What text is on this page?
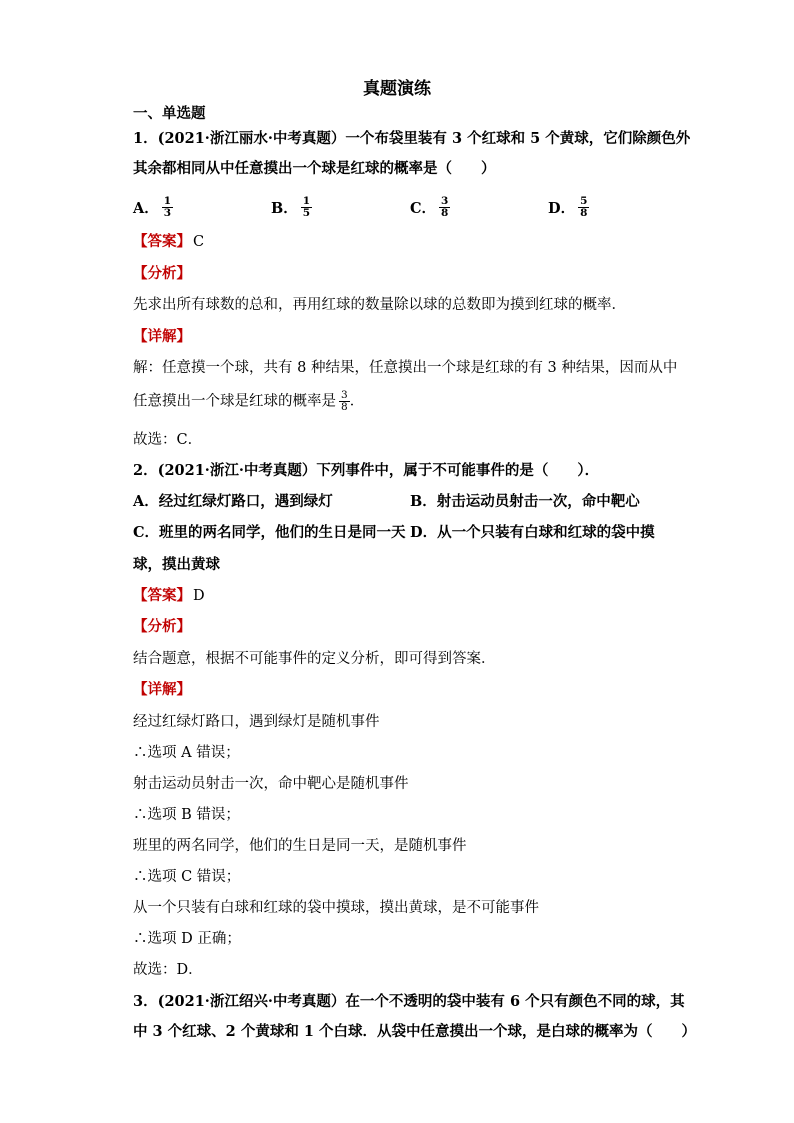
真题演练
一、单选题
1．(2021·浙江丽水·中考真题）一个布袋里装有 3 个红球和 5 个黄球，它们除颜色外
其余都相同从中任意摸出一个球是红球的概率是（　　）
A． $\frac{1}{3}$	B． $\frac{1}{5}$	C． $\frac{3}{8}$	D． $\frac{5}{8}$
【答案】 C
【分析】
先求出所有球数的总和，再用红球的数量除以球的总数即为摸到红球的概率．
【详解】
解：任意摸一个球，共有 8 种结果，任意摸出一个球是红球的有 3 种结果，因而从中
任意摸出一个球是红球的概率是 $\frac{3}{8}$ ．
故选：C．
2．(2021·浙江·中考真题）下列事件中，属于不可能事件的是（　　）．
A．经过红绿灯路口，遇到绿灯	B．射击运动员射击一次，命中靶心
C．班里的两名同学，他们的生日是同一天 D．从一个只装有白球和红球的袋中摸
球，摸出黄球
【答案】 D
【分析】
结合题意，根据不可能事件的定义分析，即可得到答案．
【详解】
经过红绿灯路口，遇到绿灯是随机事件
∴选项 A 错误；
射击运动员射击一次，命中靶心是随机事件
∴选项 B 错误；
班里的两名同学，他们的生日是同一天，是随机事件
∴选项 C 错误；
从一个只装有白球和红球的袋中摸球，摸出黄球，是不可能事件
∴选项 D 正确；
故选：D．
3．(2021·浙江绍兴·中考真题）在一个不透明的袋中装有 6 个只有颜色不同的球，其
中 3 个红球、2 个黄球和 1 个白球．从袋中任意摸出一个球，是白球的概率为（　　）
